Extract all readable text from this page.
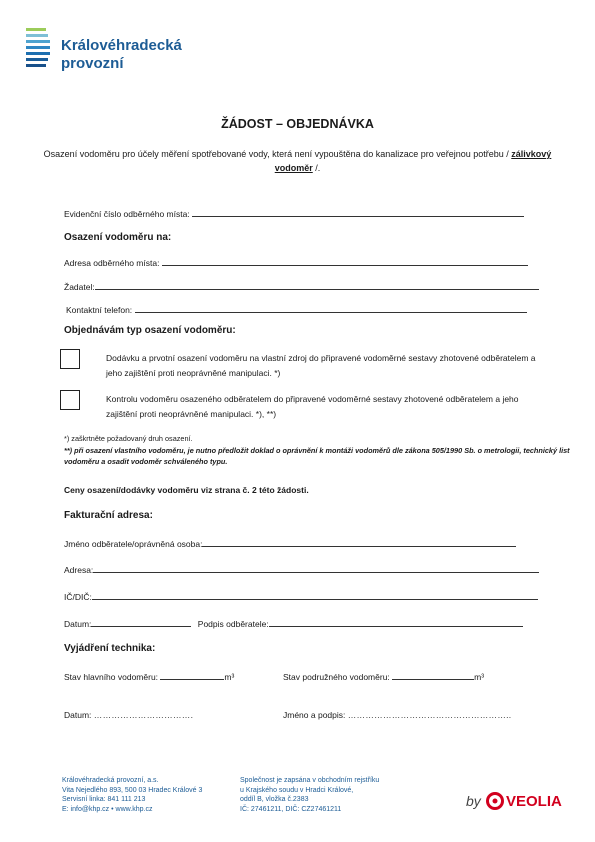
Královéhradecká
provozní
ŽÁDOST – OBJEDNÁVKA
Osazení vodoměru pro účely měření spotřebované vody, která není vypouštěna do kanalizace pro veřejnou potřebu / zálivkový vodoměr /.
Evidenční číslo odběrného místa:
Osazení vodoměru na:
Adresa odběrného místa:
Žadatel:
Kontaktní telefon:
Objednávám typ osazení vodoměru:
Dodávku a prvotní osazení vodoměru na vlastní zdroj do připravené vodoměrné sestavy zhotovené odběratelem a jeho zajištění proti neoprávněné manipulaci. *)
Kontrolu vodoměru osazeného odběratelem do připravené vodoměrné sestavy zhotovené odběratelem a jeho zajištění proti neoprávněné manipulaci. *), **)
*) zaškrtněte požadovaný druh osazení.
**) při osazení vlastního vodoměru, je nutno předložit doklad o oprávnění k montáži vodoměrů dle zákona 505/1990 Sb. o metrologii, technický list vodoměru a osadit vodoměr schváleného typu.
Ceny osazení/dodávky vodoměru viz strana č. 2 této žádosti.
Fakturační adresa:
Jméno odběratele/oprávněná osoba:
Adresa:
IČ/DIČ:
Datum:	Podpis odběratele:
Vyjádření technika:
Stav hlavního vodoměru:	m³	Stav podružného vodoměru:	m³
Datum: …………………………….	Jméno a podpis: ………………………………………………..
Královéhradecká provozní, a.s.
Vita Nejedlého 893, 500 03 Hradec Králové 3
Servisní linka: 841 111 213
E: info@khp.cz • www.khp.cz
Společnost je zapsána v obchodním rejstříku
u Krajského soudu v Hradci Králové,
oddíl B, vložka č.2383
IČ: 27461211, DIČ: CZ27461211	by VEOLIA
